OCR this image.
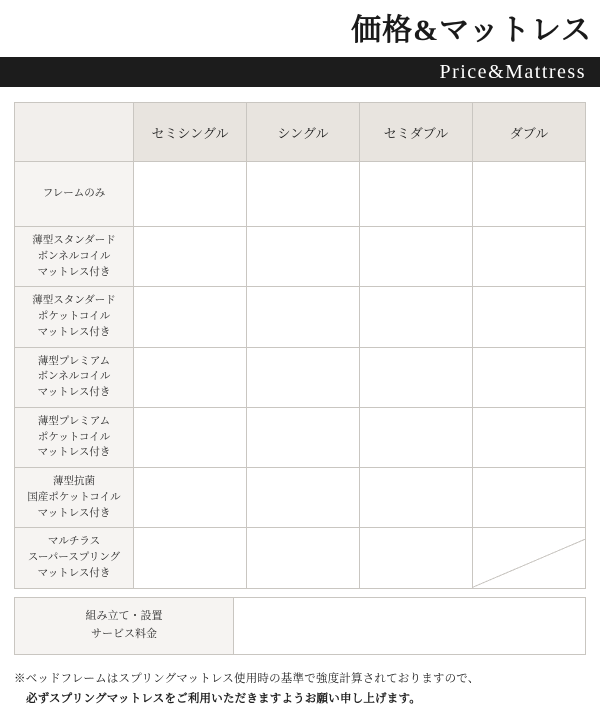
価格&マットレス
Price&Mattress
	セミシングル	シングル	セミダブル	ダブル
フレームのみ				

薄型スタンダード
ボンネルコイル
マットレス付き				

薄型スタンダード
ポケットコイル
マットレス付き				

薄型プレミアム
ボンネルコイル
マットレス付き				

薄型プレミアム
ポケットコイル
マットレス付き				

薄型抗菌
国産ポケットコイル
マットレス付き				

マルチラス
スーパースプリング
マットレス付き				

組み立て・設置
サービス料金

※ベッドフレームはスプリングマットレス使用時の基準で強度計算されておりますので、
必ずスプリングマットレスをご利用いただきますようお願い申し上げます。
